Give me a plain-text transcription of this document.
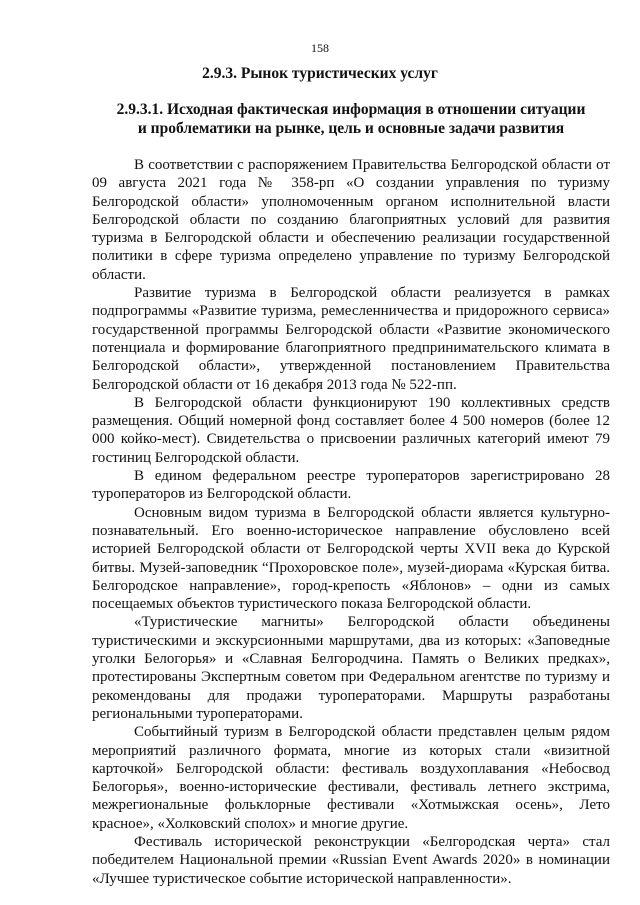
158
2.9.3. Рынок туристических услуг
2.9.3.1. Исходная фактическая информация в отношении ситуации
и проблематики на рынке, цель и основные задачи развития

В соответствии с распоряжением Правительства Белгородской области от 09 августа 2021 года № 358-рп «О создании управления по туризму Белгородской области» уполномоченным органом исполнительной власти Белгородской области по созданию благоприятных условий для развития туризма в Белгородской области и обеспечению реализации государственной политики в сфере туризма определено управление по туризму Белгородской области.

Развитие туризма в Белгородской области реализуется в рамках подпрограммы «Развитие туризма, ремесленничества и придорожного сервиса» государственной программы Белгородской области «Развитие экономического потенциала и формирование благоприятного предпринимательского климата в Белгородской области», утвержденной постановлением Правительства Белгородской области от 16 декабря 2013 года № 522-пп.

В Белгородской области функционируют 190 коллективных средств размещения. Общий номерной фонд составляет более 4 500 номеров (более 12 000 койко-мест). Свидетельства о присвоении различных категорий имеют 79 гостиниц Белгородской области.

В едином федеральном реестре туроператоров зарегистрировано 28 туроператоров из Белгородской области.

Основным видом туризма в Белгородской области является культурно-познавательный. Его военно-историческое направление обусловлено всей историей Белгородской области от Белгородской черты XVII века до Курской битвы. Музей-заповедник “Прохоровское поле», музей-диорама «Курская битва. Белгородское направление», город-крепость «Яблонов» – одни из самых посещаемых объектов туристического показа Белгородской области.

«Туристические магниты» Белгородской области объединены туристическими и экскурсионными маршрутами, два из которых: «Заповедные уголки Белогорья» и «Славная Белгородчина. Память о Великих предках», протестированы Экспертным советом при Федеральном агентстве по туризму и рекомендованы для продажи туроператорами. Маршруты разработаны региональными туроператорами.

Событийный туризм в Белгородской области представлен целым рядом мероприятий различного формата, многие из которых стали «визитной карточкой» Белгородской области: фестиваль воздухоплавания «Небосвод Белогорья», военно-исторические фестивали, фестиваль летнего экстрима, межрегиональные фольклорные фестивали «Хотмыжская осень», Лето красное», «Холковский сполох» и многие другие.

Фестиваль исторической реконструкции «Белгородская черта» стал победителем Национальной премии «Russian Event Awards 2020» в номинации «Лучшее туристическое событие исторической направленности».
